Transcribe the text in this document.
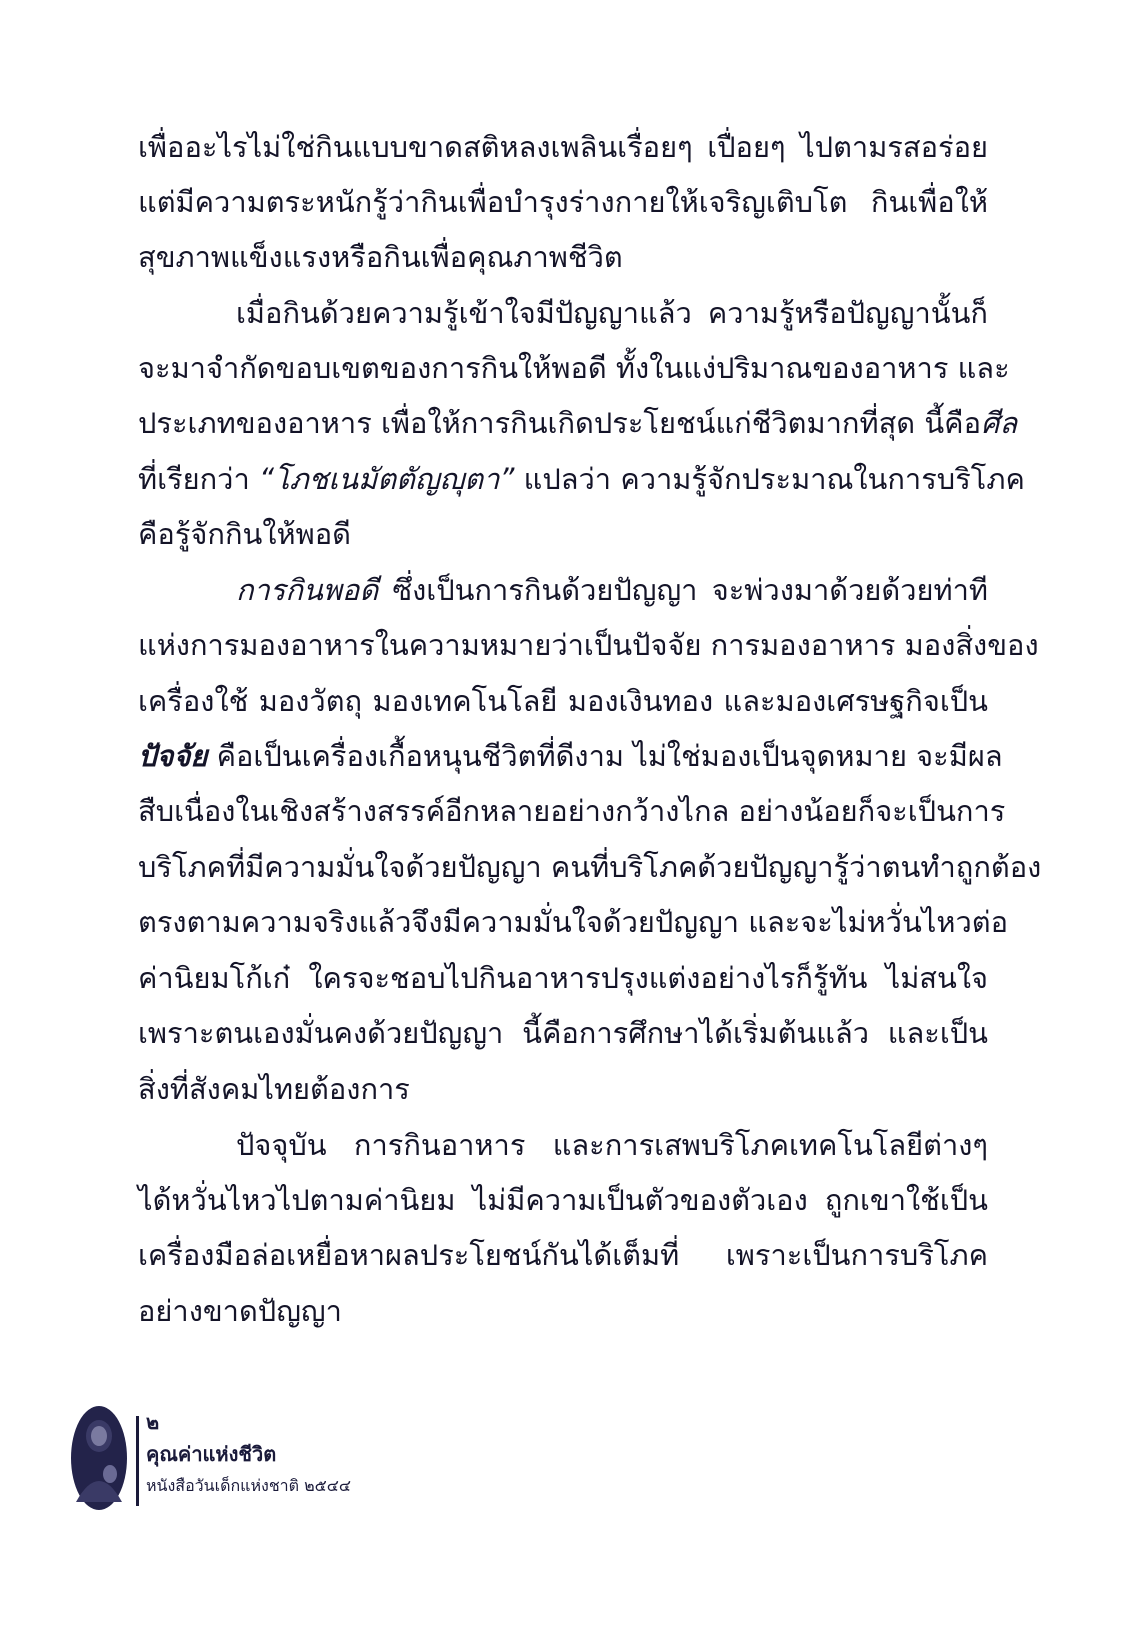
เพื่ออะไรไม่ใช่กินแบบขาดสติหลงเพลินเรื่อยๆ เปื่อยๆ ไปตามรสอร่อย
แต่มีความตระหนักรู้ว่ากินเพื่อบำรุงร่างกายให้เจริญเติบโต กินเพื่อให้
สุขภาพแข็งแรงหรือกินเพื่อคุณภาพชีวิต
เมื่อกินด้วยความรู้เข้าใจมีปัญญาแล้ว ความรู้หรือปัญญานั้นก็
จะมาจำกัดขอบเขตของการกินให้พอดี ทั้งในแง่ปริมาณของอาหาร และ
ประเภทของอาหาร เพื่อให้การกินเกิดประโยชน์แก่ชีวิตมากที่สุด นี้คือศีล
ที่เรียกว่า “โภชเนมัตตัญญุตา” แปลว่า ความรู้จักประมาณในการบริโภค
คือรู้จักกินให้พอดี
การกินพอดี ซึ่งเป็นการกินด้วยปัญญา จะพ่วงมาด้วยด้วยท่าที
แห่งการมองอาหารในความหมายว่าเป็นปัจจัย การมองอาหาร มองสิ่งของ
เครื่องใช้ มองวัตถุ มองเทคโนโลยี มองเงินทอง และมองเศรษฐกิจเป็น
ปัจจัย คือเป็นเครื่องเกื้อหนุนชีวิตที่ดีงาม ไม่ใช่มองเป็นจุดหมาย จะมีผล
สืบเนื่องในเชิงสร้างสรรค์อีกหลายอย่างกว้างไกล อย่างน้อยก็จะเป็นการ
บริโภคที่มีความมั่นใจด้วยปัญญา คนที่บริโภคด้วยปัญญารู้ว่าตนทำถูกต้อง
ตรงตามความจริงแล้วจึงมีความมั่นใจด้วยปัญญา และจะไม่หวั่นไหวต่อ
ค่านิยมโก้เก๋ ใครจะชอบไปกินอาหารปรุงแต่งอย่างไรก็รู้ทัน ไม่สนใจ
เพราะตนเองมั่นคงด้วยปัญญา นี้คือการศึกษาได้เริ่มต้นแล้ว และเป็น
สิ่งที่สังคมไทยต้องการ
ปัจจุบัน การกินอาหาร และการเสพบริโภคเทคโนโลยีต่างๆ
ได้หวั่นไหวไปตามค่านิยม ไม่มีความเป็นตัวของตัวเอง ถูกเขาใช้เป็น
เครื่องมือล่อเหยื่อหาผลประโยชน์กันได้เต็มที่ เพราะเป็นการบริโภค
อย่างขาดปัญญา
๒
คุณค่าแห่งชีวิต
หนังสือวันเด็กแห่งชาติ ๒๕๔๔
